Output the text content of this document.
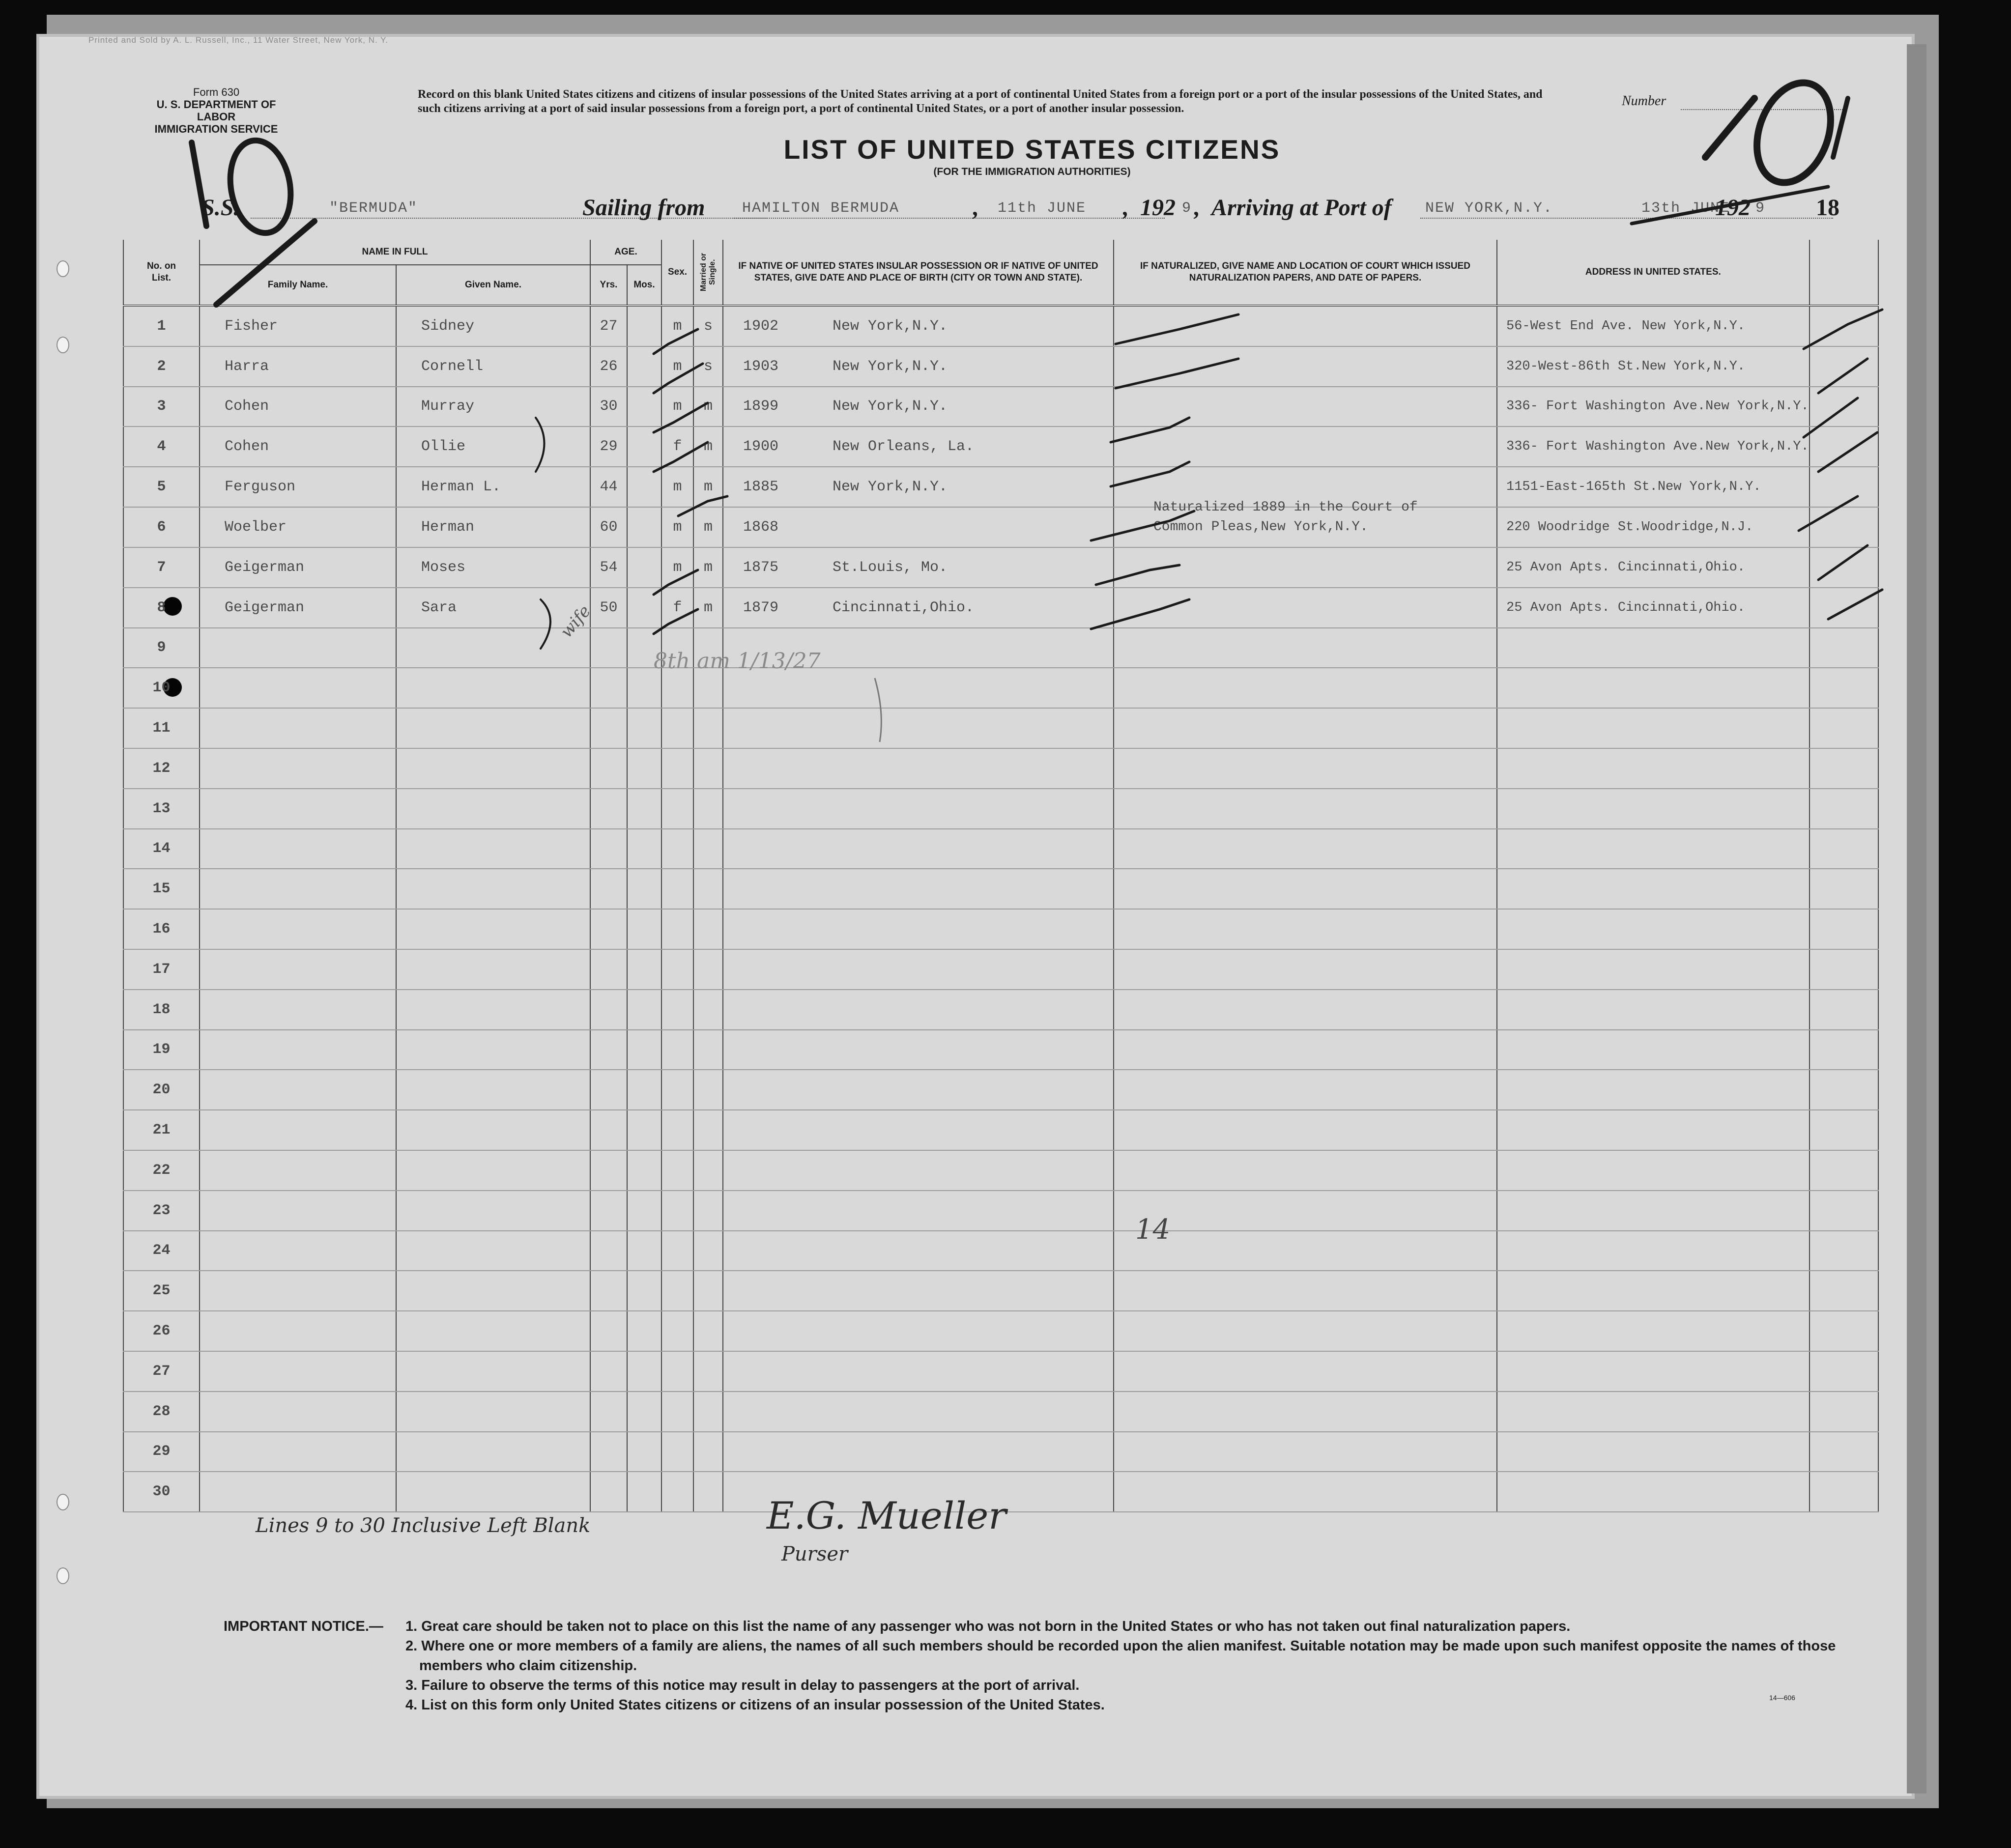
Printed and Sold by A. L. Russell, Inc., 11 Water Street, New York, N. Y.
Form 630
U. S. DEPARTMENT OF LABOR
IMMIGRATION SERVICE
Record on this blank United States citizens and citizens of insular possessions of the United States arriving at a port of continental United States from a foreign port or a port of the insular possessions of the United States, and such citizens arriving at a port of said insular possessions from a foreign port, a port of continental United States, or a port of another insular possession.	Number
LIST OF UNITED STATES CITIZENS
(FOR THE IMMIGRATION AUTHORITIES)
S.S.	"BERMUDA"	Sailing from	HAMILTON BERMUDA	, 11th JUNE , 192 9 , Arriving at Port of NEW YORK,N.Y.	13th JUNE
192 9 18
No. on List.	NAME IN FULL		AGE.		Sex.	Married or Single.	IF NATIVE OF UNITED STATES INSULAR POSSESSION OR IF NATIVE OF UNITED STATES, GIVE DATE AND PLACE OF BIRTH (CITY OR TOWN AND STATE).	IF NATURALIZED, GIVE NAME AND LOCATION OF COURT WHICH ISSUED NATURALIZATION PAPERS, AND DATE OF PAPERS.	ADDRESS IN UNITED STATES.	
	Family Name.	Given Name.	Yrs.	Mos.						
1	Fisher	Sidney	27		m	s	1902 New York,N.Y.		56-West End Ave. New York,N.Y.	
2	Harra	Cornell	26		m	s	1903 New York,N.Y.		320-West-86th St.New York,N.Y.	
3	Cohen	Murray	30		m	m	1899 New York,N.Y.		336- Fort Washington Ave.New York,N.Y.	
4	Cohen	Ollie	29		f	m	1900 New Orleans, La.		336- Fort Washington Ave.New York,N.Y.	
5	Ferguson	Herman L.	44		m	m	1885 New York,N.Y.		1151-East-165th St.New York,N.Y.	
6	Woelber	Herman	60		m	m	1868	Naturalized 1889 in the Court of Common Pleas,New York,N.Y.	220 Woodridge St.Woodridge,N.J.	
7	Geigerman	Moses	54		m	m	1875 St.Louis, Mo.		25 Avon Apts. Cincinnati,Ohio.	
8	Geigerman	Sara	50		f	m	1879 Cincinnati,Ohio.		25 Avon Apts. Cincinnati,Ohio.	
9								

10								

11								

12								

13								

14								

15								

16								

17								

18								

19								

20								

21								

22								

23								

24								

25								

26								

27								

28								

29								

30								

wife
8th am 1/13/27
14
Lines 9 to 30 Inclusive Left Blank	E.G. Mueller
Purser
IMPORTANT NOTICE.— 1. Great care should be taken not to place on this list the name of any passenger who was not born in the United States or who has not taken out final naturalization papers.
2. Where one or more members of a family are aliens, the names of all such members should be recorded upon the alien manifest. Suitable notation may be made upon such manifest opposite the names of those members who claim citizenship.
3. Failure to observe the terms of this notice may result in delay to passengers at the port of arrival.
4. List on this form only United States citizens or citizens of an insular possession of the United States.	14—606
